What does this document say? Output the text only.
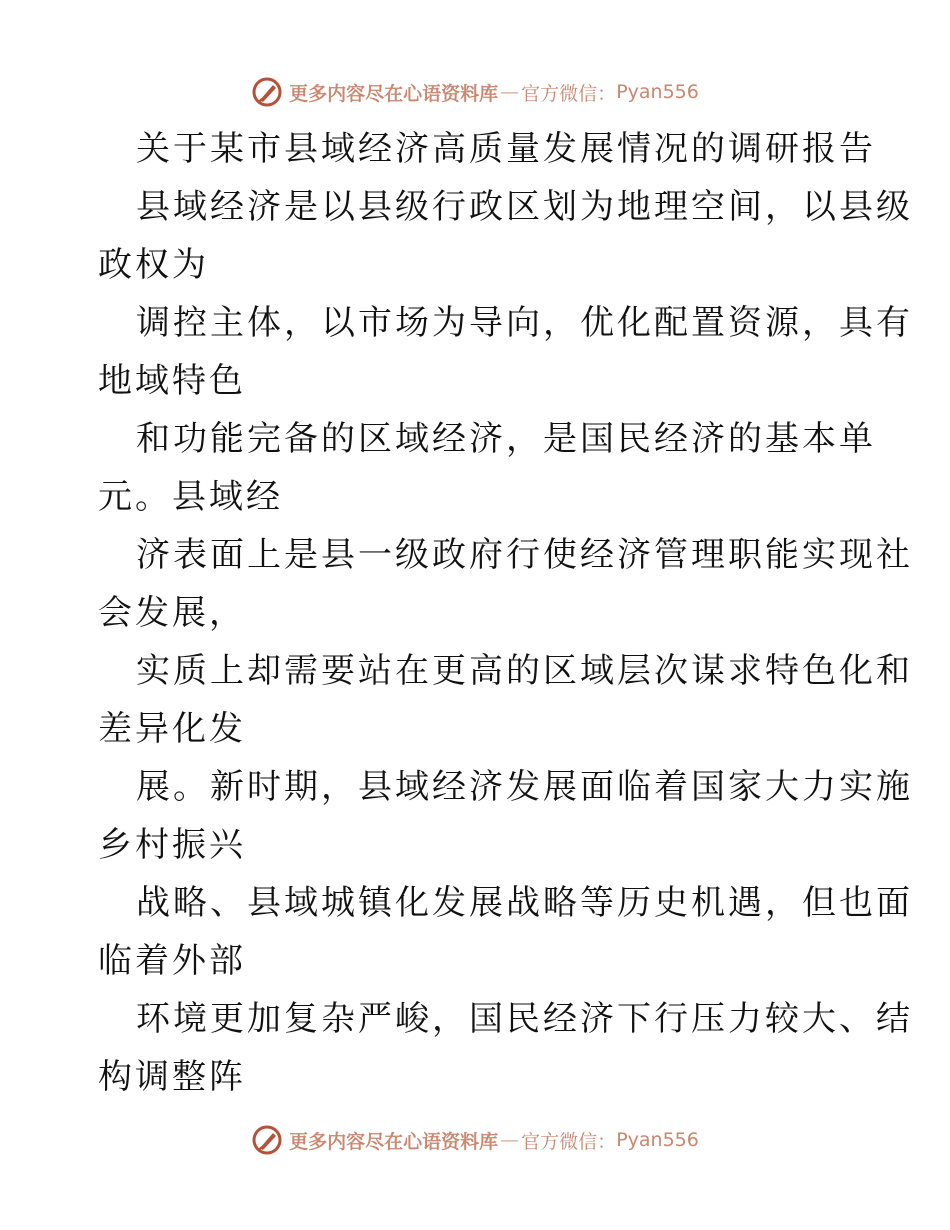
更多内容尽在心语资料库 — 官方微信： Pyan556
关于某市县域经济高质量发展情况的调研报告
县域经济是以县级行政区划为地理空间，以县级
政权为
调控主体，以市场为导向，优化配置资源，具有
地域特色
和功能完备的区域经济，是国民经济的基本单
元。县域经
济表面上是县一级政府行使经济管理职能实现社
会发展，
实质上却需要站在更高的区域层次谋求特色化和
差异化发
展。新时期，县域经济发展面临着国家大力实施
乡村振兴
战略、县域城镇化发展战略等历史机遇，但也面
临着外部
环境更加复杂严峻，国民经济下行压力较大、结
构调整阵
更多内容尽在心语资料库 — 官方微信： Pyan556
